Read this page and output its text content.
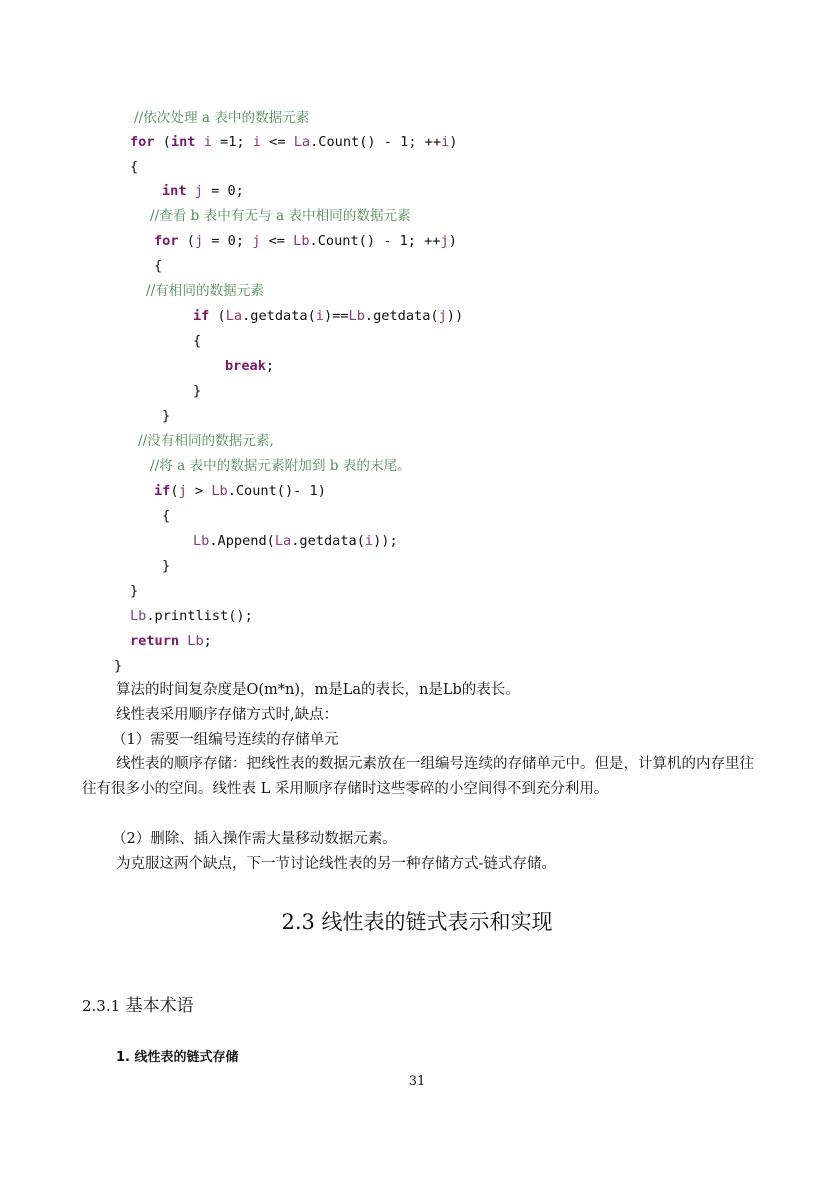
//依次处理 a 表中的数据元素
for (int i =1; i <= La.Count() - 1; ++i)
{
int j = 0;
//查看 b 表中有无与 a 表中相同的数据元素
for (j = 0; j <= Lb.Count() - 1; ++j)
{
//有相同的数据元素
if (La.getdata(i)==Lb.getdata(j))
{
break;
}
}
//没有相同的数据元素,
//将 a 表中的数据元素附加到 b 表的末尾。
if(j > Lb.Count()- 1)
{
Lb.Append(La.getdata(i));
}
}
Lb.printlist();
return Lb;
}
算法的时间复杂度是O(m*n)，m是La的表长，n是Lb的表长。
线性表采用顺序存储方式时,缺点：
（1）需要一组编号连续的存储单元
线性表的顺序存储：把线性表的数据元素放在一组编号连续的存储单元中。但是，计算机的内存里往往有很多小的空间。线性表 L 采用顺序存储时这些零碎的小空间得不到充分利用。
（2）删除、插入操作需大量移动数据元素。
为克服这两个缺点，下一节讨论线性表的另一种存储方式-链式存储。
2.3 线性表的链式表示和实现
2.3.1 基本术语
1. 线性表的链式存储
31
